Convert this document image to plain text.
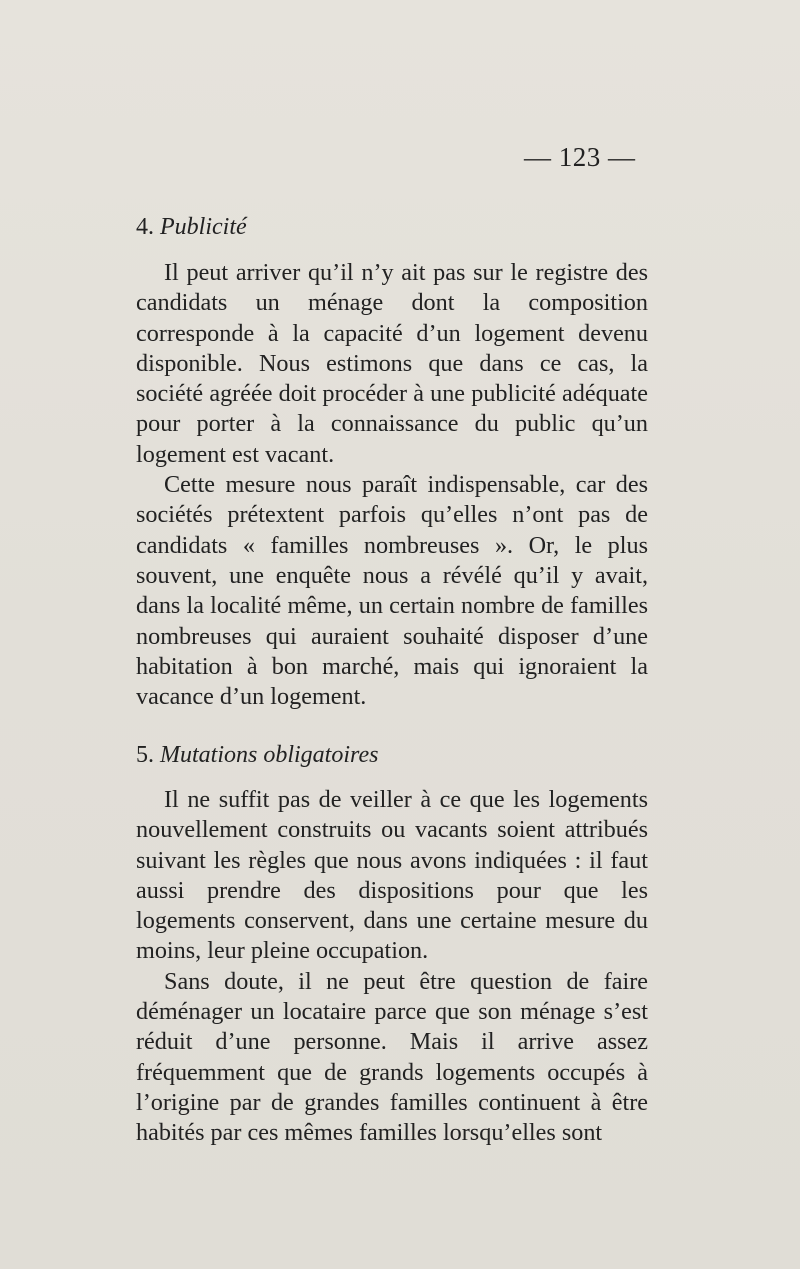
— 123 —
4. Publicité

Il peut arriver qu’il n’y ait pas sur le registre des candidats un ménage dont la composition corresponde à la capacité d’un logement devenu disponible. Nous estimons que dans ce cas, la société agréée doit procéder à une publicité adéquate pour porter à la connaissance du public qu’un logement est vacant.

Cette mesure nous paraît indispensable, car des sociétés prétextent parfois qu’elles n’ont pas de candidats « familles nombreuses ». Or, le plus souvent, une enquête nous a révélé qu’il y avait, dans la localité même, un certain nombre de familles nombreuses qui auraient souhaité disposer d’une habitation à bon marché, mais qui ignoraient la vacance d’un logement.

5. Mutations obligatoires

Il ne suffit pas de veiller à ce que les logements nouvellement construits ou vacants soient attribués suivant les règles que nous avons indiquées : il faut aussi prendre des dispositions pour que les logements conservent, dans une certaine mesure du moins, leur pleine occupation.

Sans doute, il ne peut être question de faire déménager un locataire parce que son ménage s’est réduit d’une personne. Mais il arrive assez fréquemment que de grands logements occupés à l’origine par de grandes familles continuent à être habités par ces mêmes familles lorsqu’elles sont
